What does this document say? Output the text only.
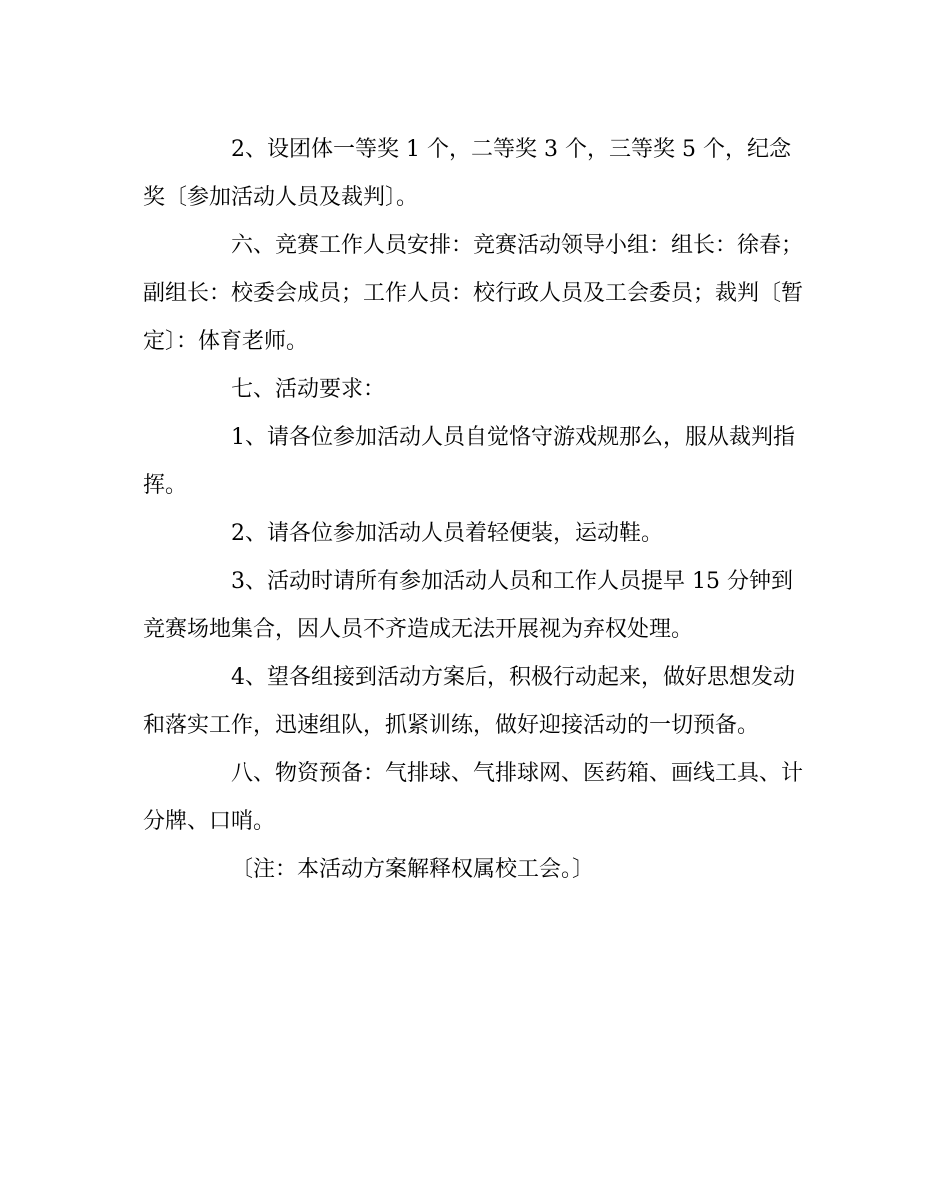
2、设团体一等奖 1 个，二等奖 3 个，三等奖 5 个，纪念奖〔参加活动人员及裁判〕。

六、竞赛工作人员安排：竞赛活动领导小组：组长：徐春；副组长：校委会成员；工作人员：校行政人员及工会委员；裁判〔暂定〕：体育老师。

七、活动要求：

1、请各位参加活动人员自觉恪守游戏规那么，服从裁判指挥。

2、请各位参加活动人员着轻便装，运动鞋。

3、活动时请所有参加活动人员和工作人员提早 15 分钟到竞赛场地集合，因人员不齐造成无法开展视为弃权处理。

4、望各组接到活动方案后，积极行动起来，做好思想发动和落实工作，迅速组队，抓紧训练，做好迎接活动的一切预备。

八、物资预备：气排球、气排球网、医药箱、画线工具、计分牌、口哨。

〔注：本活动方案解释权属校工会。〕
